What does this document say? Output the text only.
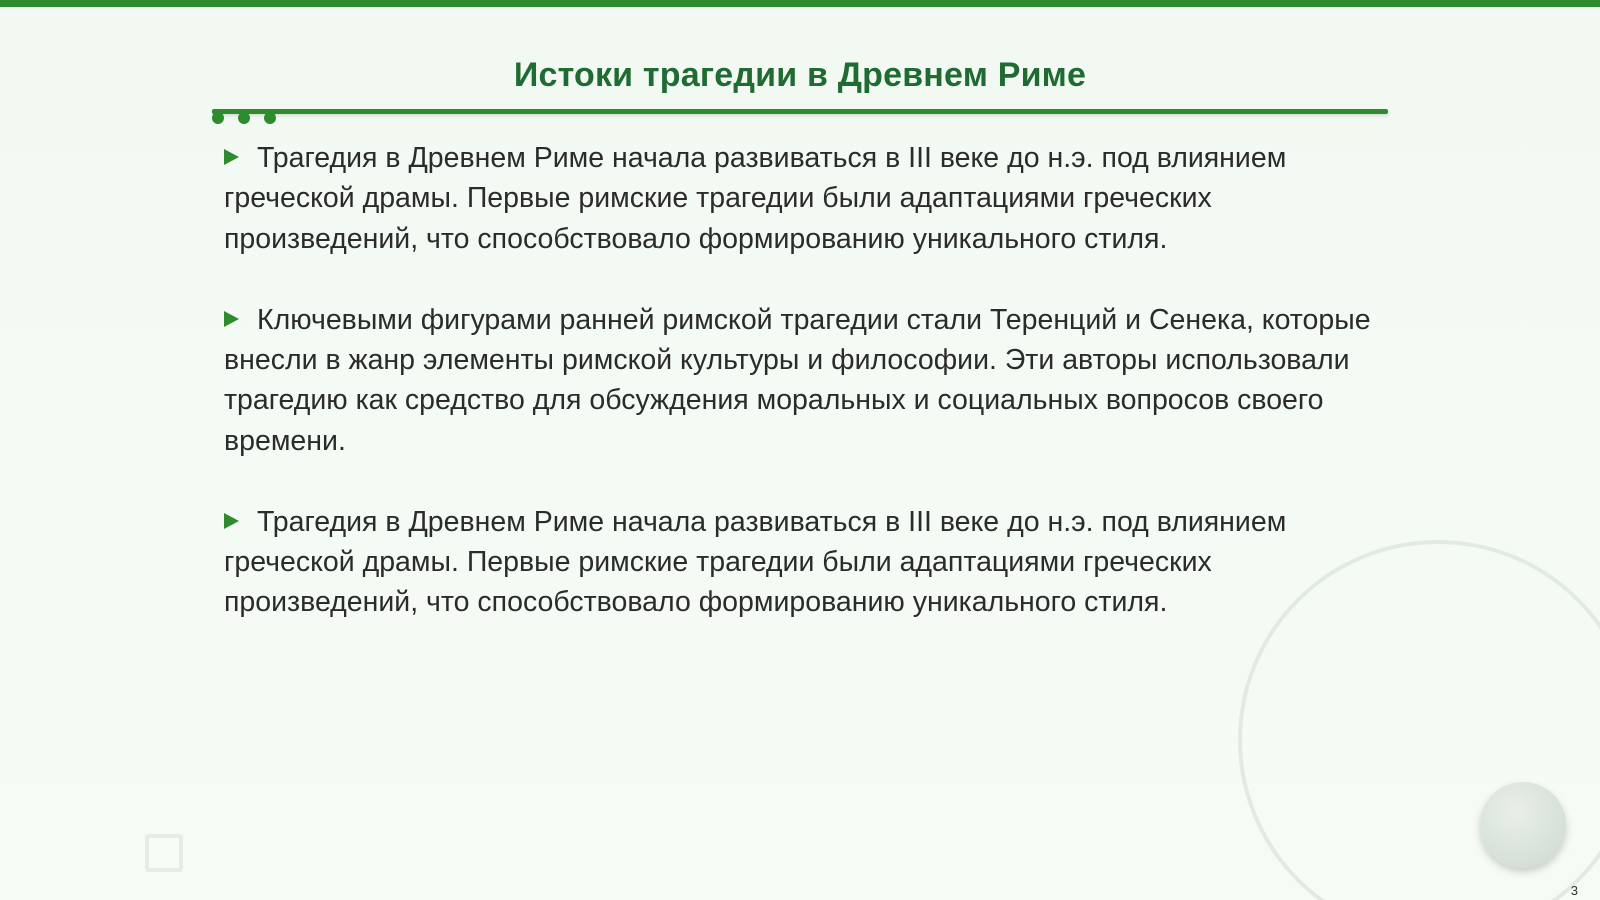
Истоки трагедии в Древнем Риме

Трагедия в Древнем Риме начала развиваться в III веке до н.э. под влиянием греческой драмы. Первые римские трагедии были адаптациями греческих произведений, что способствовало формированию уникального стиля.

Ключевыми фигурами ранней римской трагедии стали Теренций и Сенека, которые внесли в жанр элементы римской культуры и философии. Эти авторы использовали трагедию как средство для обсуждения моральных и социальных вопросов своего времени.

Трагедия в Древнем Риме начала развиваться в III веке до н.э. под влиянием греческой драмы. Первые римские трагедии были адаптациями греческих произведений, что способствовало формированию уникального стиля.

3
